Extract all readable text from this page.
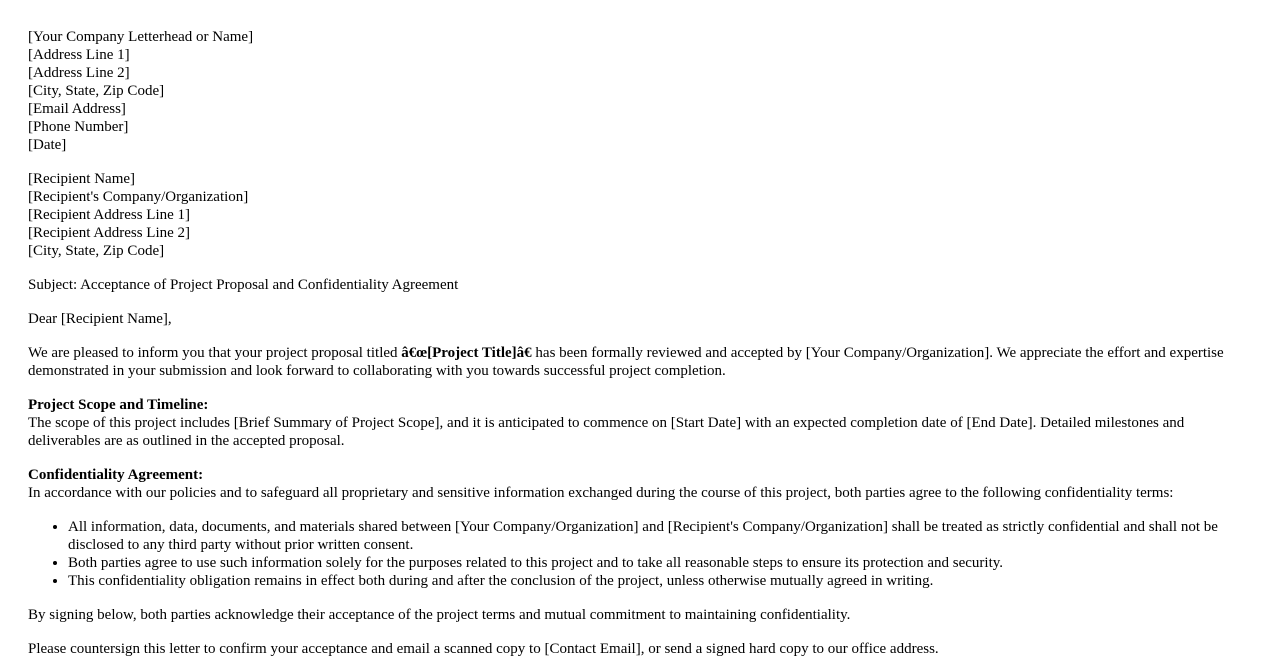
[Your Company Letterhead or Name]
[Address Line 1]
[Address Line 2]
[City, State, Zip Code]
[Email Address]
[Phone Number]
[Date]
[Recipient Name]
[Recipient's Company/Organization]
[Recipient Address Line 1]
[Recipient Address Line 2]
[City, State, Zip Code]

Subject: Acceptance of Project Proposal and Confidentiality Agreement

Dear [Recipient Name],

We are pleased to inform you that your project proposal titled â€œ[Project Title]â€ has been formally reviewed and accepted by [Your Company/Organization]. We appreciate the effort and expertise demonstrated in your submission and look forward to collaborating with you towards successful project completion.

Project Scope and Timeline:
The scope of this project includes [Brief Summary of Project Scope], and it is anticipated to commence on [Start Date] with an expected completion date of [End Date]. Detailed milestones and deliverables are as outlined in the accepted proposal.

Confidentiality Agreement:
In accordance with our policies and to safeguard all proprietary and sensitive information exchanged during the course of this project, both parties agree to the following confidentiality terms:

• All information, data, documents, and materials shared between [Your Company/Organization] and [Recipient's Company/Organization] shall be treated as strictly confidential and shall not be disclosed to any third party without prior written consent.
• Both parties agree to use such information solely for the purposes related to this project and to take all reasonable steps to ensure its protection and security.
• This confidentiality obligation remains in effect both during and after the conclusion of the project, unless otherwise mutually agreed in writing.

By signing below, both parties acknowledge their acceptance of the project terms and mutual commitment to maintaining confidentiality.

Please countersign this letter to confirm your acceptance and email a scanned copy to [Contact Email], or send a signed hard copy to our office address.
